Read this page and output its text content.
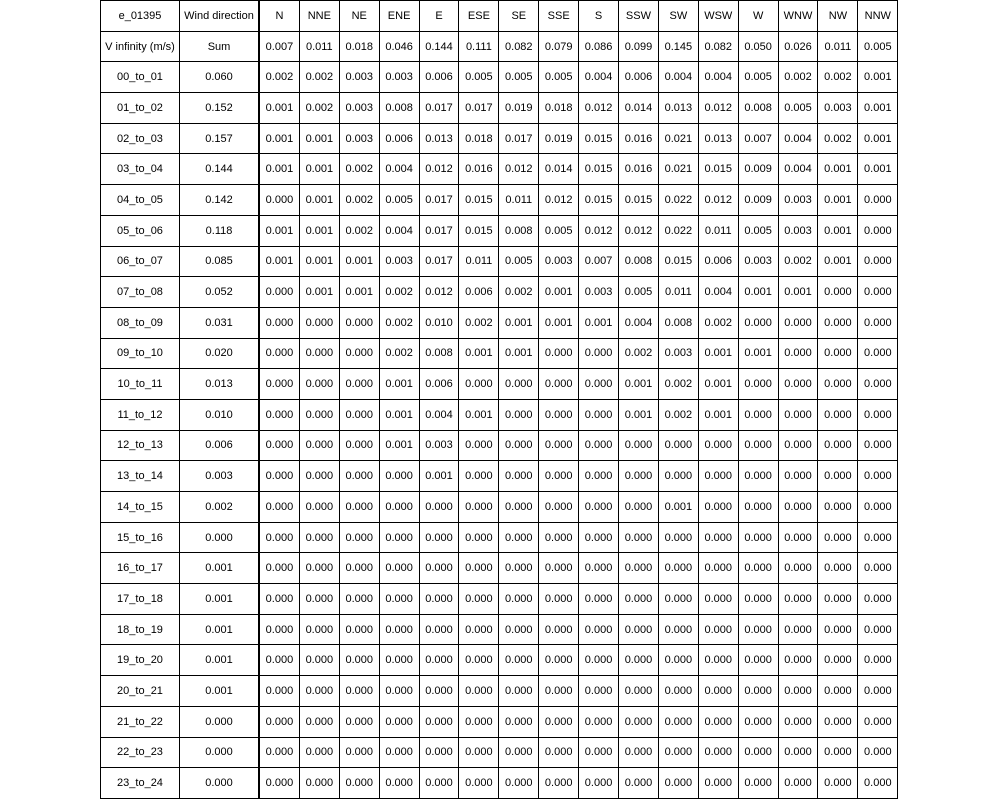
e_01395	Wind direction	N	NNE	NE	ENE	E	ESE	SE	SSE	S	SSW	SW	WSW	W	WNW	NW	NNW
V infinity (m/s)	Sum	0.007	0.011	0.018	0.046	0.144	0.111	0.082	0.079	0.086	0.099	0.145	0.082	0.050	0.026	0.011	0.005
00_to_01	0.060	0.002	0.002	0.003	0.003	0.006	0.005	0.005	0.005	0.004	0.006	0.004	0.004	0.005	0.002	0.002	0.001
01_to_02	0.152	0.001	0.002	0.003	0.008	0.017	0.017	0.019	0.018	0.012	0.014	0.013	0.012	0.008	0.005	0.003	0.001
02_to_03	0.157	0.001	0.001	0.003	0.006	0.013	0.018	0.017	0.019	0.015	0.016	0.021	0.013	0.007	0.004	0.002	0.001
03_to_04	0.144	0.001	0.001	0.002	0.004	0.012	0.016	0.012	0.014	0.015	0.016	0.021	0.015	0.009	0.004	0.001	0.001
04_to_05	0.142	0.000	0.001	0.002	0.005	0.017	0.015	0.011	0.012	0.015	0.015	0.022	0.012	0.009	0.003	0.001	0.000
05_to_06	0.118	0.001	0.001	0.002	0.004	0.017	0.015	0.008	0.005	0.012	0.012	0.022	0.011	0.005	0.003	0.001	0.000
06_to_07	0.085	0.001	0.001	0.001	0.003	0.017	0.011	0.005	0.003	0.007	0.008	0.015	0.006	0.003	0.002	0.001	0.000
07_to_08	0.052	0.000	0.001	0.001	0.002	0.012	0.006	0.002	0.001	0.003	0.005	0.011	0.004	0.001	0.001	0.000	0.000
08_to_09	0.031	0.000	0.000	0.000	0.002	0.010	0.002	0.001	0.001	0.001	0.004	0.008	0.002	0.000	0.000	0.000	0.000
09_to_10	0.020	0.000	0.000	0.000	0.002	0.008	0.001	0.001	0.000	0.000	0.002	0.003	0.001	0.001	0.000	0.000	0.000
10_to_11	0.013	0.000	0.000	0.000	0.001	0.006	0.000	0.000	0.000	0.000	0.001	0.002	0.001	0.000	0.000	0.000	0.000
11_to_12	0.010	0.000	0.000	0.000	0.001	0.004	0.001	0.000	0.000	0.000	0.001	0.002	0.001	0.000	0.000	0.000	0.000
12_to_13	0.006	0.000	0.000	0.000	0.001	0.003	0.000	0.000	0.000	0.000	0.000	0.000	0.000	0.000	0.000	0.000	0.000
13_to_14	0.003	0.000	0.000	0.000	0.000	0.001	0.000	0.000	0.000	0.000	0.000	0.000	0.000	0.000	0.000	0.000	0.000
14_to_15	0.002	0.000	0.000	0.000	0.000	0.000	0.000	0.000	0.000	0.000	0.000	0.001	0.000	0.000	0.000	0.000	0.000
15_to_16	0.000	0.000	0.000	0.000	0.000	0.000	0.000	0.000	0.000	0.000	0.000	0.000	0.000	0.000	0.000	0.000	0.000
16_to_17	0.001	0.000	0.000	0.000	0.000	0.000	0.000	0.000	0.000	0.000	0.000	0.000	0.000	0.000	0.000	0.000	0.000
17_to_18	0.001	0.000	0.000	0.000	0.000	0.000	0.000	0.000	0.000	0.000	0.000	0.000	0.000	0.000	0.000	0.000	0.000
18_to_19	0.001	0.000	0.000	0.000	0.000	0.000	0.000	0.000	0.000	0.000	0.000	0.000	0.000	0.000	0.000	0.000	0.000
19_to_20	0.001	0.000	0.000	0.000	0.000	0.000	0.000	0.000	0.000	0.000	0.000	0.000	0.000	0.000	0.000	0.000	0.000
20_to_21	0.001	0.000	0.000	0.000	0.000	0.000	0.000	0.000	0.000	0.000	0.000	0.000	0.000	0.000	0.000	0.000	0.000
21_to_22	0.000	0.000	0.000	0.000	0.000	0.000	0.000	0.000	0.000	0.000	0.000	0.000	0.000	0.000	0.000	0.000	0.000
22_to_23	0.000	0.000	0.000	0.000	0.000	0.000	0.000	0.000	0.000	0.000	0.000	0.000	0.000	0.000	0.000	0.000	0.000
23_to_24	0.000	0.000	0.000	0.000	0.000	0.000	0.000	0.000	0.000	0.000	0.000	0.000	0.000	0.000	0.000	0.000	0.000
